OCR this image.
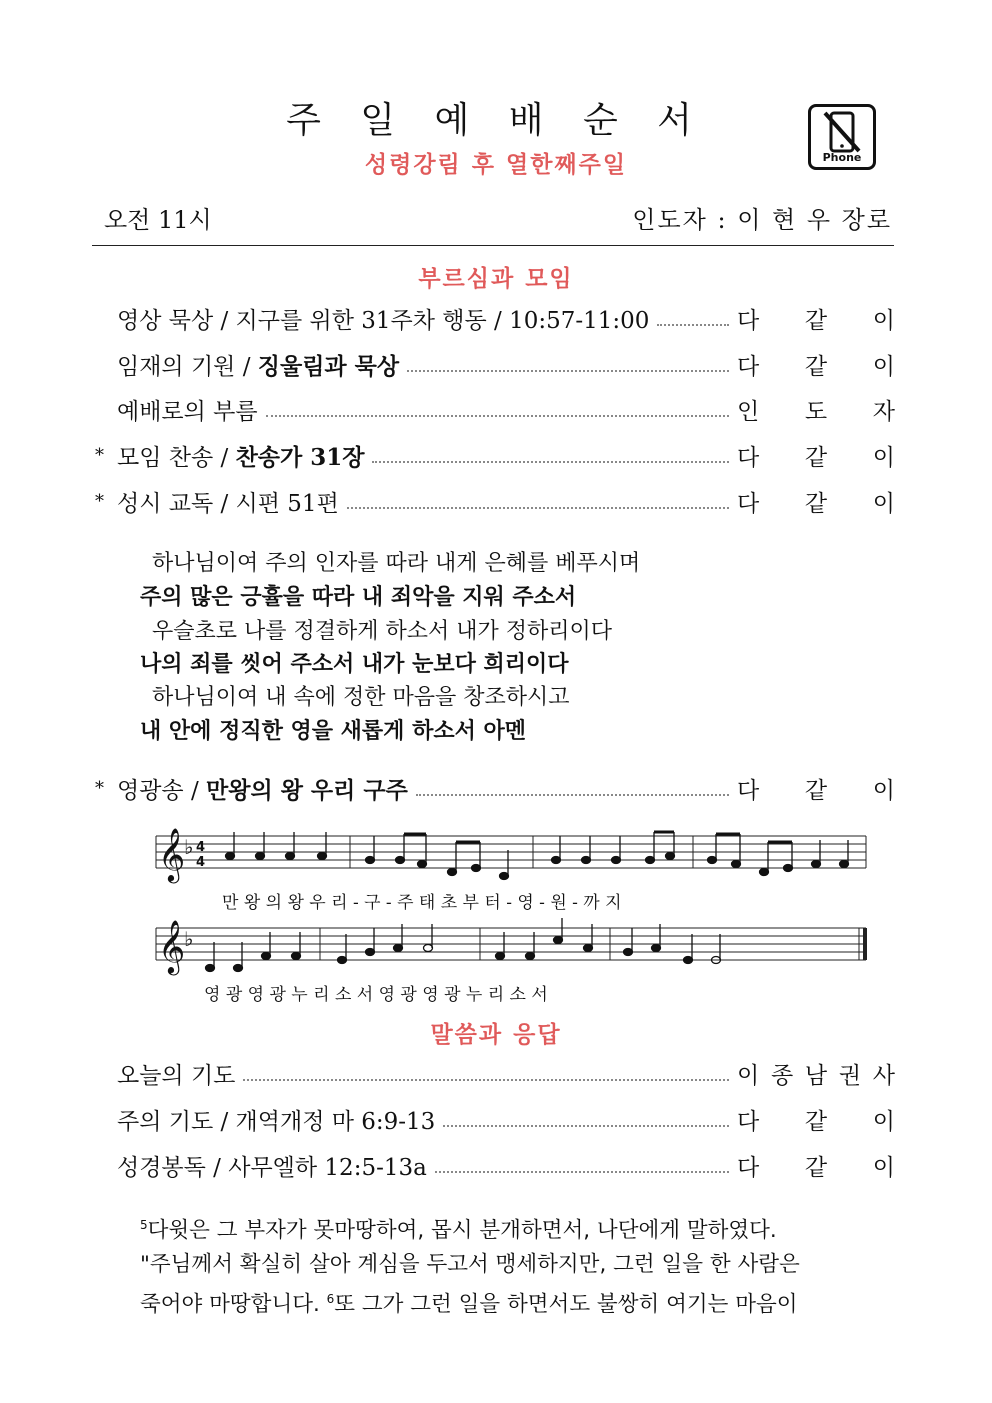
주 일 예 배 순 서
성령강림 후 열한째주일	Phone
오전 11시	인도자 : 이 현 우 장로
부르심과 모임
영상 묵상 / 지구를 위한 31주차 행동 / 10:57-11:00	다 같 이
임재의 기원 / 징울림과 묵상	다 같 이
예배로의 부름	인 도 자
* 모임 찬송 / 찬송가 31장	다 같 이
* 성시 교독 / 시편 51편	다 같 이
하나님이여 주의 인자를 따라 내게 은혜를 베푸시며
주의 많은 긍휼을 따라 내 죄악을 지워 주소서
우슬초로 나를 정결하게 하소서 내가 정하리이다
나의 죄를 씻어 주소서 내가 눈보다 희리이다
하나님이여 내 속에 정한 마음을 창조하시고
내 안에 정직한 영을 새롭게 하소서 아멘
* 영광송 / 만왕의 왕 우리 구주	다 같 이
𝄞
♭ 4
4
만 왕 의 왕 우 리 - 구 - 주 태 초 부 터 - 영 - 원 - 까 지
𝄞
♭
영 광 영 광 누 리 소 서 영 광 영 광 누 리 소 서
말씀과 응답
오늘의 기도	이 종 남 권 사
주의 기도 / 개역개정 마 6:9-13	다 같 이
성경봉독 / 사무엘하 12:5-13a	다 같 이
$^5$다윗은 그 부자가 못마땅하여, 몹시 분개하면서, 나단에게 말하였다.
"주님께서 확실히 살아 계심을 두고서 맹세하지만, 그런 일을 한 사람은
죽어야 마땅합니다. $^6$또 그가 그런 일을 하면서도 불쌍히 여기는 마음이
